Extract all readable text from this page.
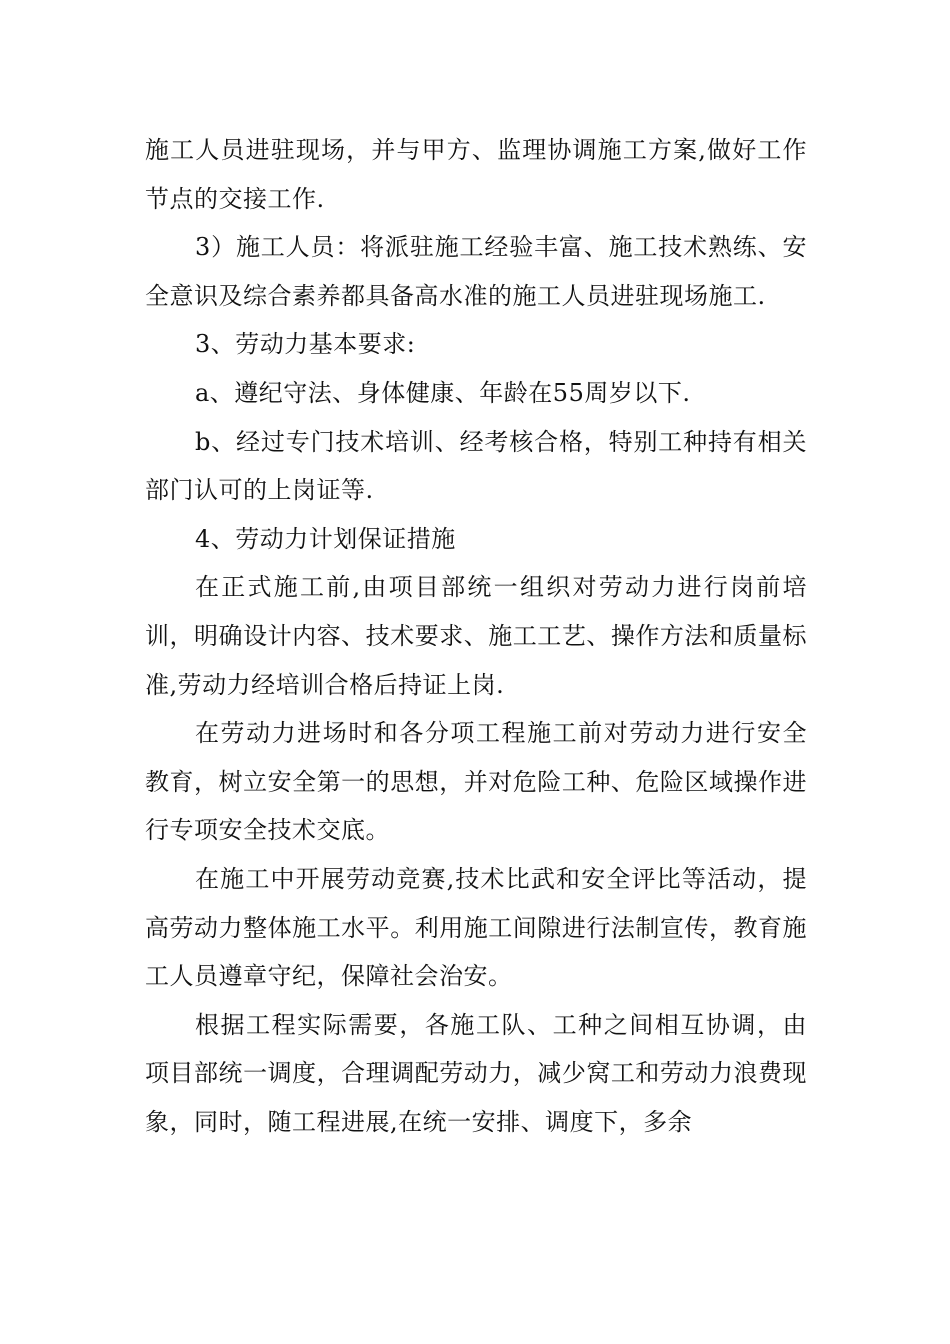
施工人员进驻现场，并与甲方、监理协调施工方案,做好工作节点的交接工作.

3）施工人员：将派驻施工经验丰富、施工技术熟练、安全意识及综合素养都具备高水准的施工人员进驻现场施工.

3、劳动力基本要求:

a、遵纪守法、身体健康、年龄在55周岁以下.

b、经过专门技术培训、经考核合格，特别工种持有相关部门认可的上岗证等.

4、劳动力计划保证措施

在正式施工前,由项目部统一组织对劳动力进行岗前培训，明确设计内容、技术要求、施工工艺、操作方法和质量标准,劳动力经培训合格后持证上岗.

在劳动力进场时和各分项工程施工前对劳动力进行安全教育，树立安全第一的思想，并对危险工种、危险区域操作进行专项安全技术交底。

在施工中开展劳动竞赛,技术比武和安全评比等活动，提高劳动力整体施工水平。利用施工间隙进行法制宣传，教育施工人员遵章守纪，保障社会治安。

根据工程实际需要，各施工队、工种之间相互协调，由项目部统一调度，合理调配劳动力，减少窝工和劳动力浪费现象，同时，随工程进展,在统一安排、调度下，多余
